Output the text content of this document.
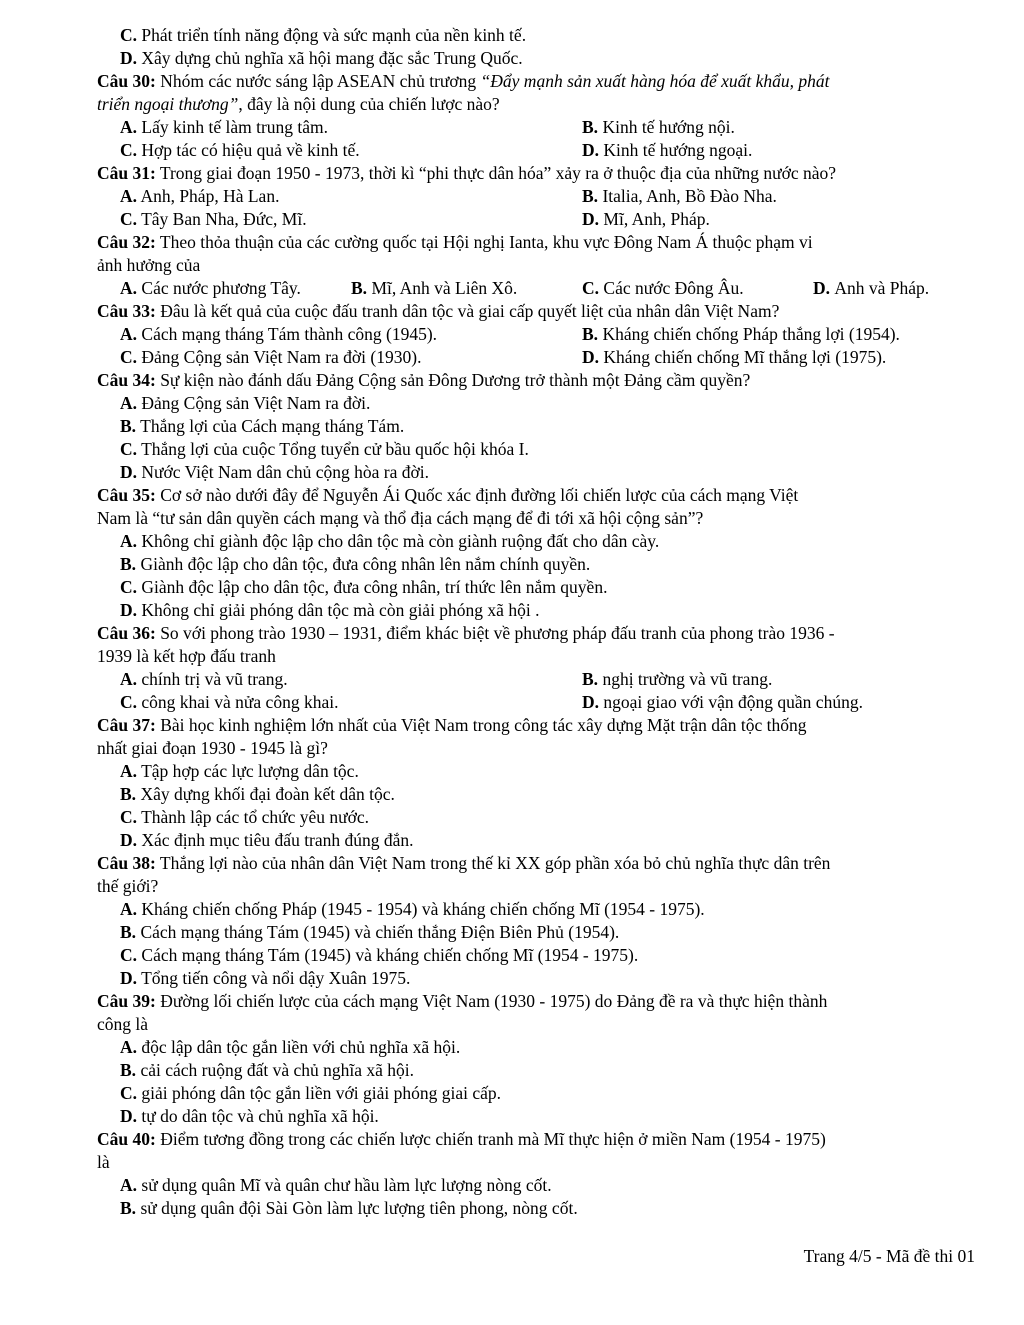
C. Phát triển tính năng động và sức mạnh của nền kinh tế.
D. Xây dựng chủ nghĩa xã hội mang đặc sắc Trung Quốc.
Câu 30: Nhóm các nước sáng lập ASEAN chủ trương “Đẩy mạnh sản xuất hàng hóa để xuất khẩu, phát
triển ngoại thương”, đây là nội dung của chiến lược nào?
A. Lấy kinh tế làm trung tâm.	B. Kinh tế hướng nội.
C. Hợp tác có hiệu quả về kinh tế.	D. Kinh tế hướng ngoại.
Câu 31: Trong giai đoạn 1950 - 1973, thời kì “phi thực dân hóa” xảy ra ở thuộc địa của những nước nào?
A. Anh, Pháp, Hà Lan.	B. Italia, Anh, Bồ Đào Nha.
C. Tây Ban Nha, Đức, Mĩ.	D. Mĩ, Anh, Pháp.
Câu 32: Theo thỏa thuận của các cường quốc tại Hội nghị Ianta, khu vực Đông Nam Á thuộc phạm vi
ảnh hưởng của
A. Các nước phương Tây.	B. Mĩ, Anh và Liên Xô.	C. Các nước Đông Âu.	D. Anh và Pháp.
Câu 33: Đâu là kết quả của cuộc đấu tranh dân tộc và giai cấp quyết liệt của nhân dân Việt Nam?
A. Cách mạng tháng Tám thành công (1945).	B. Kháng chiến chống Pháp thắng lợi (1954).
C. Đảng Cộng sản Việt Nam ra đời (1930).	D. Kháng chiến chống Mĩ thắng lợi (1975).
Câu 34: Sự kiện nào đánh dấu Đảng Cộng sản Đông Dương trở thành một Đảng cầm quyền?
A. Đảng Cộng sản Việt Nam ra đời.
B. Thắng lợi của Cách mạng tháng Tám.
C. Thắng lợi của cuộc Tổng tuyển cử bầu quốc hội khóa I.
D. Nước Việt Nam dân chủ cộng hòa ra đời.
Câu 35: Cơ sở nào dưới đây để Nguyễn Ái Quốc xác định đường lối chiến lược của cách mạng Việt
Nam là “tư sản dân quyền cách mạng và thổ địa cách mạng để đi tới xã hội cộng sản”?
A. Không chỉ giành độc lập cho dân tộc mà còn giành ruộng đất cho dân cày.
B. Giành độc lập cho dân tộc, đưa công nhân lên nắm chính quyền.
C. Giành độc lập cho dân tộc, đưa công nhân, trí thức lên nắm quyền.
D. Không chỉ giải phóng dân tộc mà còn giải phóng xã hội .
Câu 36: So với phong trào 1930 – 1931, điểm khác biệt về phương pháp đấu tranh của phong trào 1936 -
1939 là kết hợp đấu tranh
A. chính trị và vũ trang.	B. nghị trường và vũ trang.
C. công khai và nửa công khai.	D. ngoại giao với vận động quần chúng.
Câu 37: Bài học kinh nghiệm lớn nhất của Việt Nam trong công tác xây dựng Mặt trận dân tộc thống
nhất giai đoạn 1930 - 1945 là gì?
A. Tập hợp các lực lượng dân tộc.
B. Xây dựng khối đại đoàn kết dân tộc.
C. Thành lập các tổ chức yêu nước.
D. Xác định mục tiêu đấu tranh đúng đắn.
Câu 38: Thắng lợi nào của nhân dân Việt Nam trong thế kỉ XX góp phần xóa bỏ chủ nghĩa thực dân trên
thế giới?
A. Kháng chiến chống Pháp (1945 - 1954) và kháng chiến chống Mĩ (1954 - 1975).
B. Cách mạng tháng Tám (1945) và chiến thắng Điện Biên Phủ (1954).
C. Cách mạng tháng Tám (1945) và kháng chiến chống Mĩ (1954 - 1975).
D. Tổng tiến công và nổi dậy Xuân 1975.
Câu 39: Đường lối chiến lược của cách mạng Việt Nam (1930 - 1975) do Đảng đề ra và thực hiện thành
công là
A. độc lập dân tộc gắn liền với chủ nghĩa xã hội.
B. cải cách ruộng đất và chủ nghĩa xã hội.
C. giải phóng dân tộc gắn liền với giải phóng giai cấp.
D. tự do dân tộc và chủ nghĩa xã hội.
Câu 40: Điểm tương đồng trong các chiến lược chiến tranh mà Mĩ thực hiện ở miền Nam (1954 - 1975)
là
A. sử dụng quân Mĩ và quân chư hầu làm lực lượng nòng cốt.
B. sử dụng quân đội Sài Gòn làm lực lượng tiên phong, nòng cốt.
Trang 4/5 - Mã đề thi 01
